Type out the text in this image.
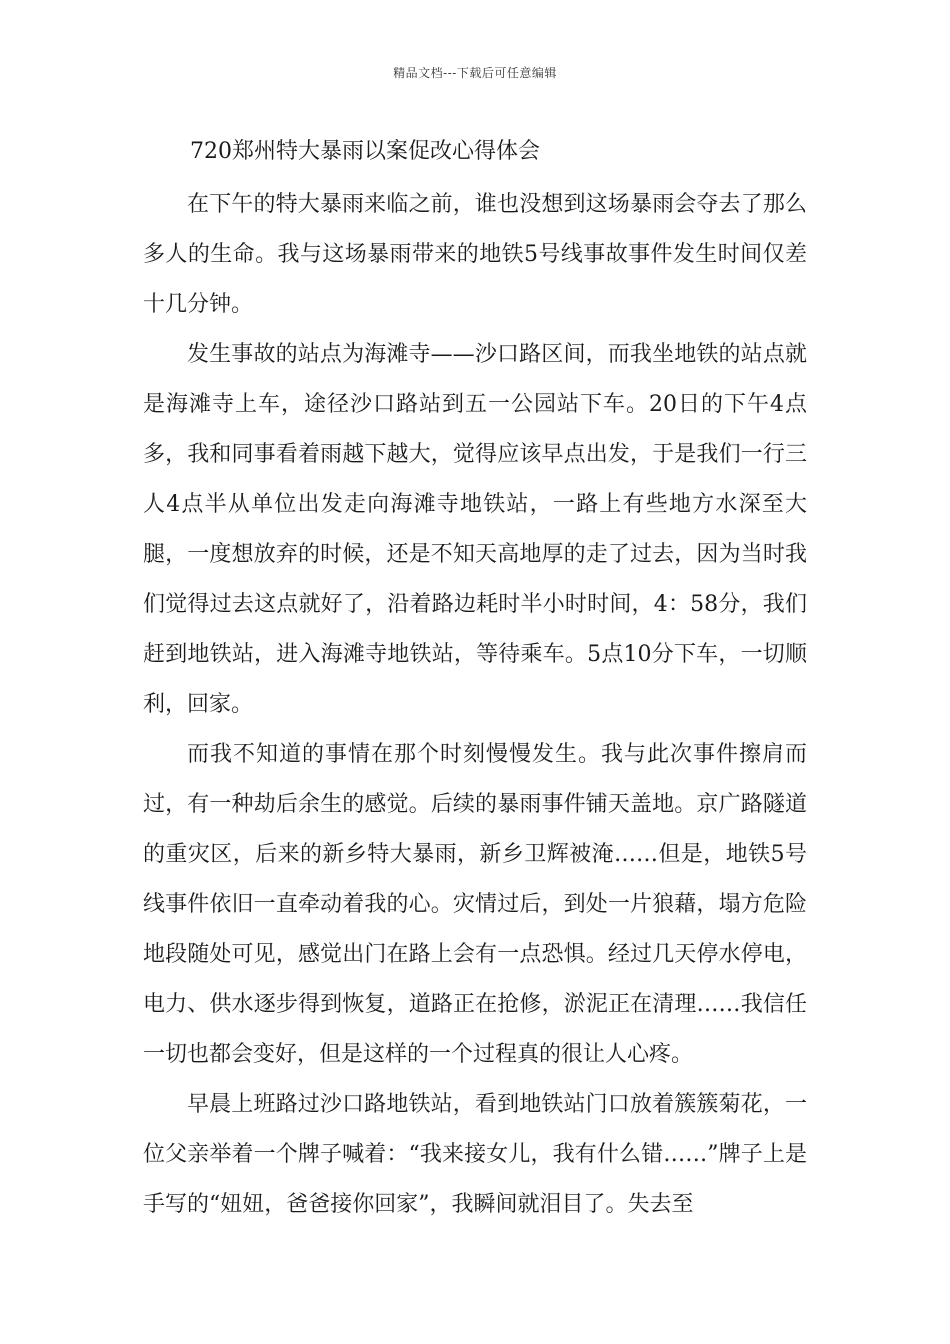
精品文档---下载后可任意编辑
720郑州特大暴雨以案促改心得体会

在下午的特大暴雨来临之前，谁也没想到这场暴雨会夺去了那么多人的生命。我与这场暴雨带来的地铁5号线事故事件发生时间仅差十几分钟。

发生事故的站点为海滩寺——沙口路区间，而我坐地铁的站点就是海滩寺上车，途径沙口路站到五一公园站下车。20日的下午4点多，我和同事看着雨越下越大，觉得应该早点出发，于是我们一行三人4点半从单位出发走向海滩寺地铁站，一路上有些地方水深至大腿，一度想放弃的时候，还是不知天高地厚的走了过去，因为当时我们觉得过去这点就好了，沿着路边耗时半小时时间，4：58分，我们赶到地铁站，进入海滩寺地铁站，等待乘车。5点10分下车，一切顺利，回家。

而我不知道的事情在那个时刻慢慢发生。我与此次事件擦肩而过，有一种劫后余生的感觉。后续的暴雨事件铺天盖地。京广路隧道的重灾区，后来的新乡特大暴雨，新乡卫辉被淹……但是，地铁5号线事件依旧一直牵动着我的心。灾情过后，到处一片狼藉，塌方危险地段随处可见，感觉出门在路上会有一点恐惧。经过几天停水停电，电力、供水逐步得到恢复，道路正在抢修，淤泥正在清理……我信任一切也都会变好，但是这样的一个过程真的很让人心疼。

早晨上班路过沙口路地铁站，看到地铁站门口放着簇簇菊花，一位父亲举着一个牌子喊着：“我来接女儿，我有什么错……”牌子上是手写的“妞妞，爸爸接你回家”，我瞬间就泪目了。失去至
